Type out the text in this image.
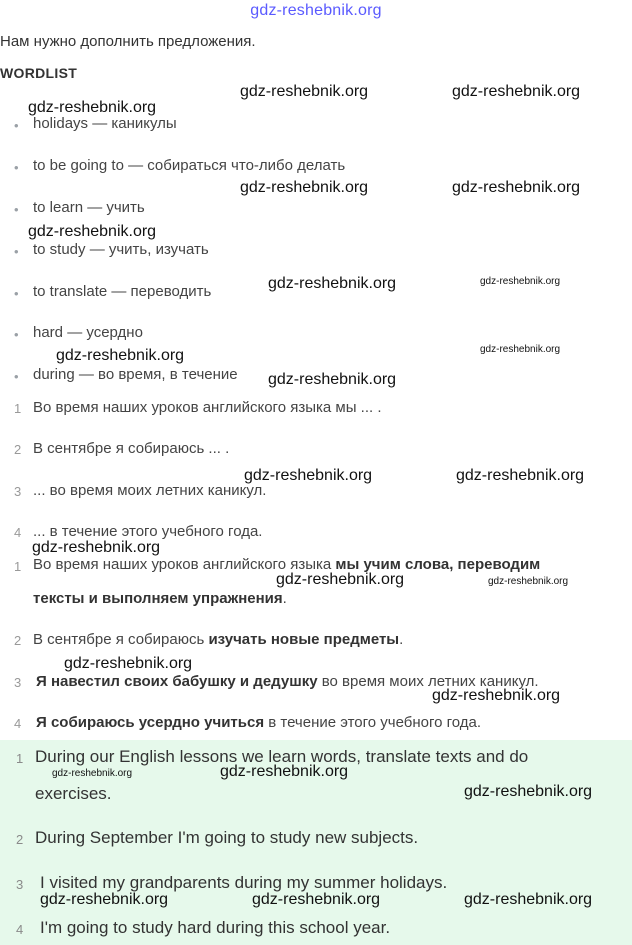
gdz-reshebnik.org
Нам нужно дополнить предложения.
WORDLIST
• holidays — каникулы
• to be going to — собираться что-либо делать
• to learn — учить
• to study — учить, изучать
• to translate — переводить
• hard — усердно
• during — во время, в течение
1 Во время наших уроков английского языка мы ... .
2 В сентябре я собираюсь ... .
3 ... во время моих летних каникул.
4 ... в течение этого учебного года.
1 Во время наших уроков английского языка мы учим слова, переводим
тексты и выполняем упражнения.
2 В сентябре я собираюсь изучать новые предметы.
3 Я навестил своих бабушку и дедушку во время моих летних каникул.
4 Я собираюсь усердно учиться в течение этого учебного года.
1 During our English lessons we learn words, translate texts and do
exercises.
2 During September I'm going to study new subjects.
3 I visited my grandparents during my summer holidays.
4 I'm going to study hard during this school year.
gdz-reshebnik.org
gdz-reshebnik.org	gdz-reshebnik.org
gdz-reshebnik.org	gdz-reshebnik.org
gdz-reshebnik.org
gdz-reshebnik.org	gdz-reshebnik.org
gdz-reshebnik.org	gdz-reshebnik.org
gdz-reshebnik.org
gdz-reshebnik.org	gdz-reshebnik.org
gdz-reshebnik.org
gdz-reshebnik.org	gdz-reshebnik.org
gdz-reshebnik.org
gdz-reshebnik.org
gdz-reshebnik.org	gdz-reshebnik.org
gdz-reshebnik.org
gdz-reshebnik.org	gdz-reshebnik.org	gdz-reshebnik.org
